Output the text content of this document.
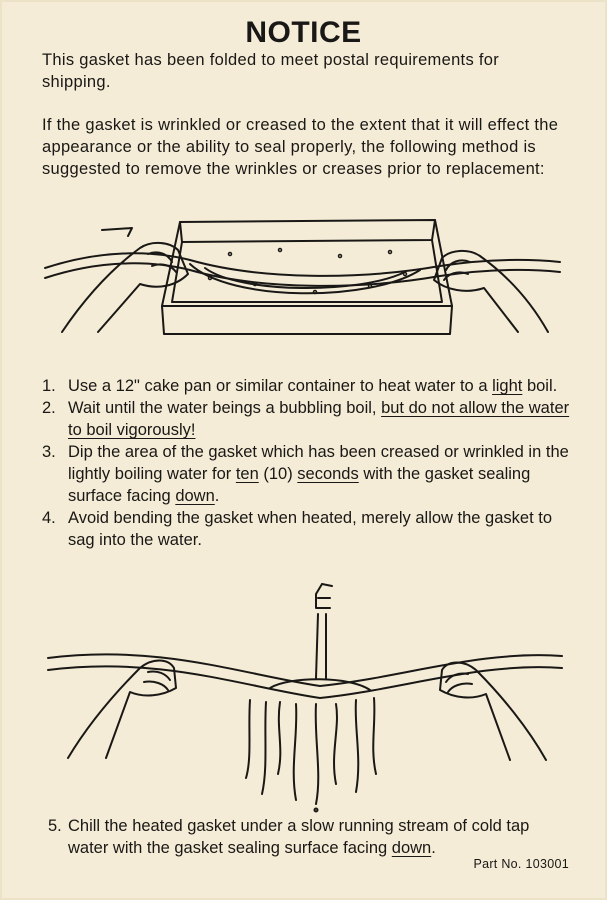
NOTICE
This gasket has been folded to meet postal requirements for shipping.
If the gasket is wrinkled or creased to the extent that it will effect the appearance or the ability to seal properly, the following method is suggested to remove the wrinkles or creases prior to replacement:
1. Use a 12" cake pan or similar container to heat water to a light boil.
2. Wait until the water beings a bubbling boil, but do not allow the water to boil vigorously!
3. Dip the area of the gasket which has been creased or wrinkled in the lightly boiling water for ten (10) seconds with the gasket sealing surface facing down.
4. Avoid bending the gasket when heated, merely allow the gasket to sag into the water.
5. Chill the heated gasket under a slow running stream of cold tap water with the gasket sealing surface facing down.
Part No. 103001
